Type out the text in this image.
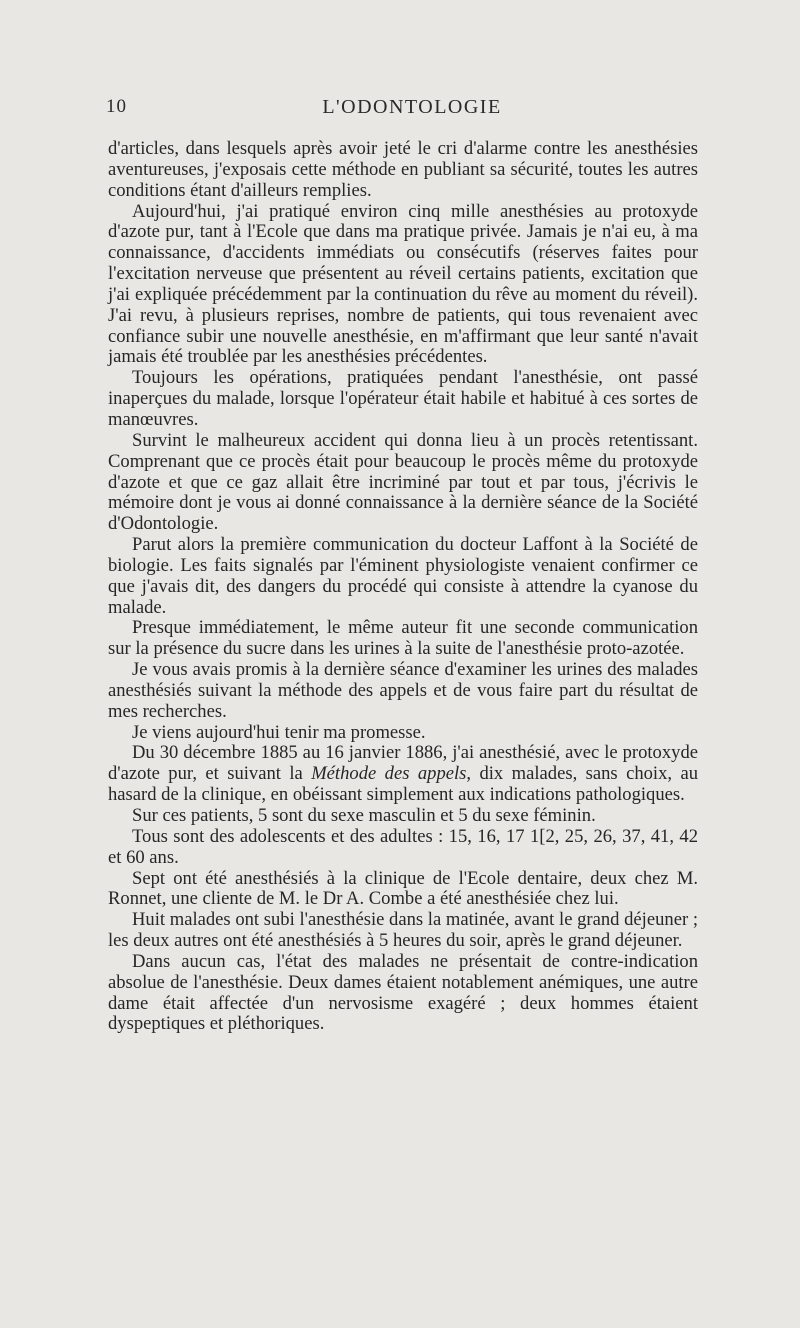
10	L'ODONTOLOGIE

d'articles, dans lesquels après avoir jeté le cri d'alarme contre les anesthésies aventureuses, j'exposais cette méthode en publiant sa sécurité, toutes les autres conditions étant d'ailleurs remplies.

Aujourd'hui, j'ai pratiqué environ cinq mille anesthésies au protoxyde d'azote pur, tant à l'Ecole que dans ma pratique privée. Jamais je n'ai eu, à ma connaissance, d'accidents immédiats ou consécutifs (réserves faites pour l'excitation nerveuse que présentent au réveil certains patients, excitation que j'ai expliquée précédemment par la continuation du rêve au moment du réveil). J'ai revu, à plusieurs reprises, nombre de patients, qui tous revenaient avec confiance subir une nouvelle anesthésie, en m'affirmant que leur santé n'avait jamais été troublée par les anesthésies précédentes.

Toujours les opérations, pratiquées pendant l'anesthésie, ont passé inaperçues du malade, lorsque l'opérateur était habile et habitué à ces sortes de manœuvres.

Survint le malheureux accident qui donna lieu à un procès retentissant. Comprenant que ce procès était pour beaucoup le procès même du protoxyde d'azote et que ce gaz allait être incriminé par tout et par tous, j'écrivis le mémoire dont je vous ai donné connaissance à la dernière séance de la Société d'Odontologie.

Parut alors la première communication du docteur Laffont à la Société de biologie. Les faits signalés par l'éminent physiologiste venaient confirmer ce que j'avais dit, des dangers du procédé qui consiste à attendre la cyanose du malade.

Presque immédiatement, le même auteur fit une seconde communication sur la présence du sucre dans les urines à la suite de l'anesthésie proto-azotée.

Je vous avais promis à la dernière séance d'examiner les urines des malades anesthésiés suivant la méthode des appels et de vous faire part du résultat de mes recherches.

Je viens aujourd'hui tenir ma promesse.

Du 30 décembre 1885 au 16 janvier 1886, j'ai anesthésié, avec le protoxyde d'azote pur, et suivant la Méthode des appels, dix malades, sans choix, au hasard de la clinique, en obéissant simplement aux indications pathologiques.

Sur ces patients, 5 sont du sexe masculin et 5 du sexe féminin.

Tous sont des adolescents et des adultes : 15, 16, 17 1[2, 25, 26, 37, 41, 42 et 60 ans.

Sept ont été anesthésiés à la clinique de l'Ecole dentaire, deux chez M. Ronnet, une cliente de M. le Dr A. Combe a été anesthésiée chez lui.

Huit malades ont subi l'anesthésie dans la matinée, avant le grand déjeuner ; les deux autres ont été anesthésiés à 5 heures du soir, après le grand déjeuner.

Dans aucun cas, l'état des malades ne présentait de contre-indication absolue de l'anesthésie. Deux dames étaient notablement anémiques, une autre dame était affectée d'un nervosisme exagéré ; deux hommes étaient dyspeptiques et pléthoriques.
